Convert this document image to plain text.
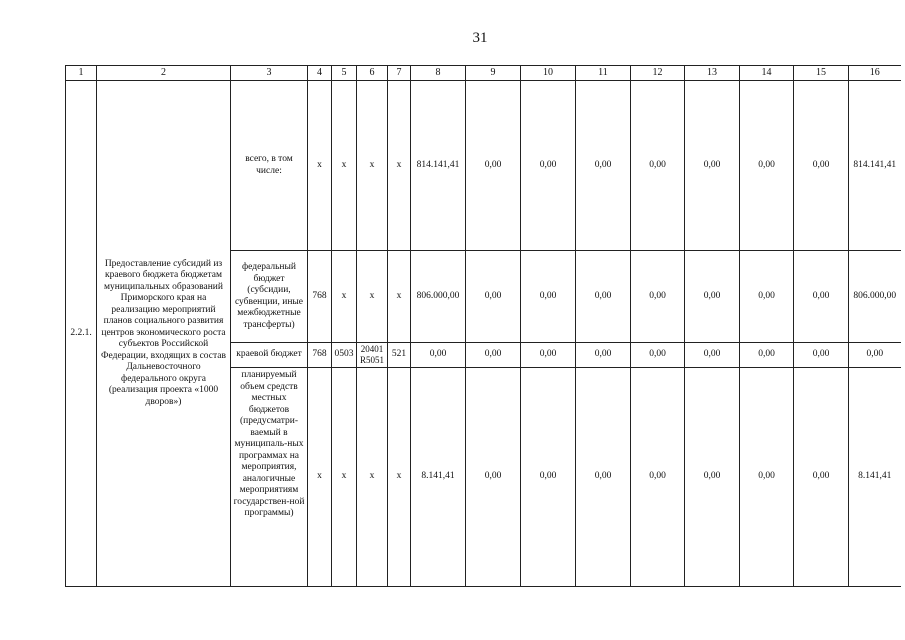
31
1	2	3	4	5	6	7	8	9	10	11	12	13	14	15	16
2.2.1.	Предоставление субсидий из краевого бюджета бюджетам муниципальных образований Приморского края на реализацию мероприятий планов социального развития центров экономического роста субъектов Российской Федерации, входящих в состав Дальневосточного федерального округа (реализация проекта «1000 дворов»)	всего, в том числе:	x	x	x	x	814.141,41	0,00	0,00	0,00	0,00	0,00	0,00	0,00	814.141,41
		федеральный бюджет (субсидии, субвенции, иные межбюджетные трансферты)	768	x	x	x	806.000,00	0,00	0,00	0,00	0,00	0,00	0,00	0,00	806.000,00
		краевой бюджет	768	0503	20401 R5051	521	0,00	0,00	0,00	0,00	0,00	0,00	0,00	0,00	0,00
		планируемый объем средств местных бюджетов (предусматри-ваемый в муниципаль-ных программах на мероприятия, аналогичные мероприятиям государствен-ной программы)	x	x	x	x	8.141,41	0,00	0,00	0,00	0,00	0,00	0,00	0,00	8.141,41
